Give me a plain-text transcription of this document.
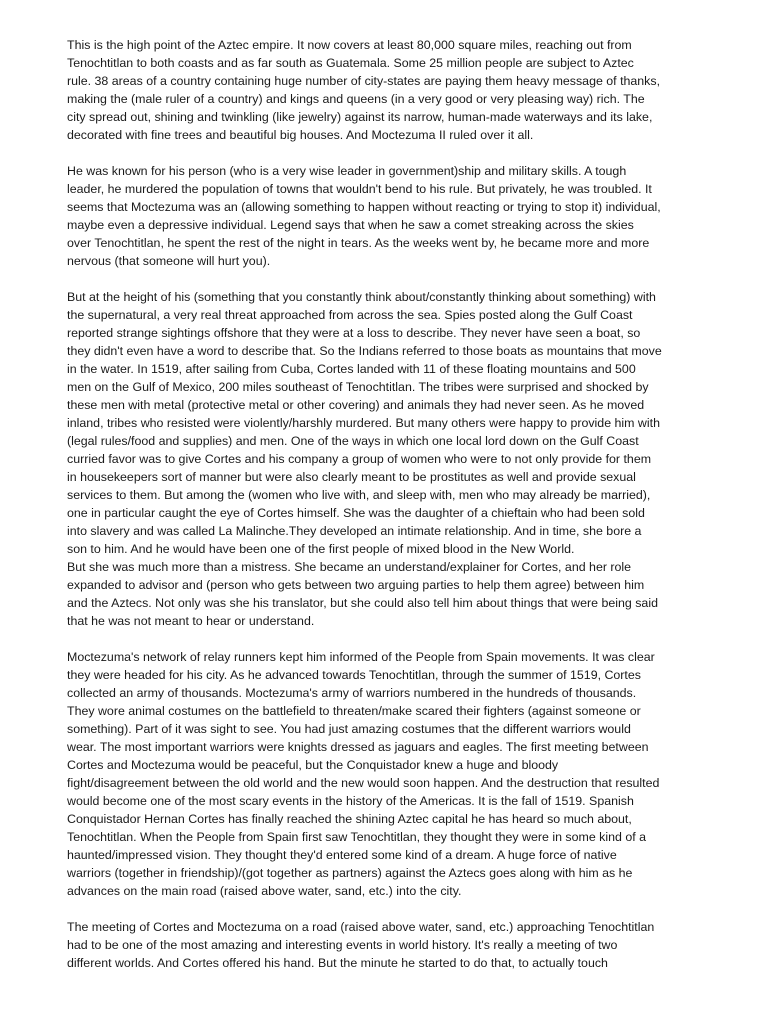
This is the high point of the Aztec empire. It now covers at least 80,000 square miles, reaching out from
Tenochtitlan to both coasts and as far south as Guatemala. Some 25 million people are subject to Aztec
rule. 38 areas of a country containing huge number of city-states are paying them heavy message of thanks,
making the (male ruler of a country) and kings and queens (in a very good or very pleasing way) rich. The
city spread out, shining and twinkling (like jewelry) against its narrow, human-made waterways and its lake,
decorated with fine trees and beautiful big houses. And Moctezuma II ruled over it all.
He was known for his person (who is a very wise leader in government)ship and military skills. A tough
leader, he murdered the population of towns that wouldn't bend to his rule. But privately, he was troubled. It
seems that Moctezuma was an (allowing something to happen without reacting or trying to stop it) individual,
maybe even a depressive individual. Legend says that when he saw a comet streaking across the skies
over Tenochtitlan, he spent the rest of the night in tears. As the weeks went by, he became more and more
nervous (that someone will hurt you).
But at the height of his (something that you constantly think about/constantly thinking about something) with
the supernatural, a very real threat approached from across the sea. Spies posted along the Gulf Coast
reported strange sightings offshore that they were at a loss to describe. They never have seen a boat, so
they didn't even have a word to describe that. So the Indians referred to those boats as mountains that move
in the water. In 1519, after sailing from Cuba, Cortes landed with 11 of these floating mountains and 500
men on the Gulf of Mexico, 200 miles southeast of Tenochtitlan. The tribes were surprised and shocked by
these men with metal (protective metal or other covering) and animals they had never seen. As he moved
inland, tribes who resisted were violently/harshly murdered. But many others were happy to provide him with
(legal rules/food and supplies) and men. One of the ways in which one local lord down on the Gulf Coast
curried favor was to give Cortes and his company a group of women who were to not only provide for them
in housekeepers sort of manner but were also clearly meant to be prostitutes as well and provide sexual
services to them. But among the (women who live with, and sleep with, men who may already be married),
one in particular caught the eye of Cortes himself. She was the daughter of a chieftain who had been sold
into slavery and was called La Malinche.They developed an intimate relationship. And in time, she bore a
son to him. And he would have been one of the first people of mixed blood in the New World.
But she was much more than a mistress. She became an understand/explainer for Cortes, and her role
expanded to advisor and (person who gets between two arguing parties to help them agree) between him
and the Aztecs. Not only was she his translator, but she could also tell him about things that were being said
that he was not meant to hear or understand.
Moctezuma's network of relay runners kept him informed of the People from Spain movements. It was clear
they were headed for his city. As he advanced towards Tenochtitlan, through the summer of 1519, Cortes
collected an army of thousands. Moctezuma's army of warriors numbered in the hundreds of thousands.
They wore animal costumes on the battlefield to threaten/make scared their fighters (against someone or
something). Part of it was sight to see. You had just amazing costumes that the different warriors would
wear. The most important warriors were knights dressed as jaguars and eagles. The first meeting between
Cortes and Moctezuma would be peaceful, but the Conquistador knew a huge and bloody
fight/disagreement between the old world and the new would soon happen. And the destruction that resulted
would become one of the most scary events in the history of the Americas. It is the fall of 1519. Spanish
Conquistador Hernan Cortes has finally reached the shining Aztec capital he has heard so much about,
Tenochtitlan. When the People from Spain first saw Tenochtitlan, they thought they were in some kind of a
haunted/impressed vision. They thought they'd entered some kind of a dream. A huge force of native
warriors (together in friendship)/(got together as partners) against the Aztecs goes along with him as he
advances on the main road (raised above water, sand, etc.) into the city.
The meeting of Cortes and Moctezuma on a road (raised above water, sand, etc.) approaching Tenochtitlan
had to be one of the most amazing and interesting events in world history. It's really a meeting of two
different worlds. And Cortes offered his hand. But the minute he started to do that, to actually touch
